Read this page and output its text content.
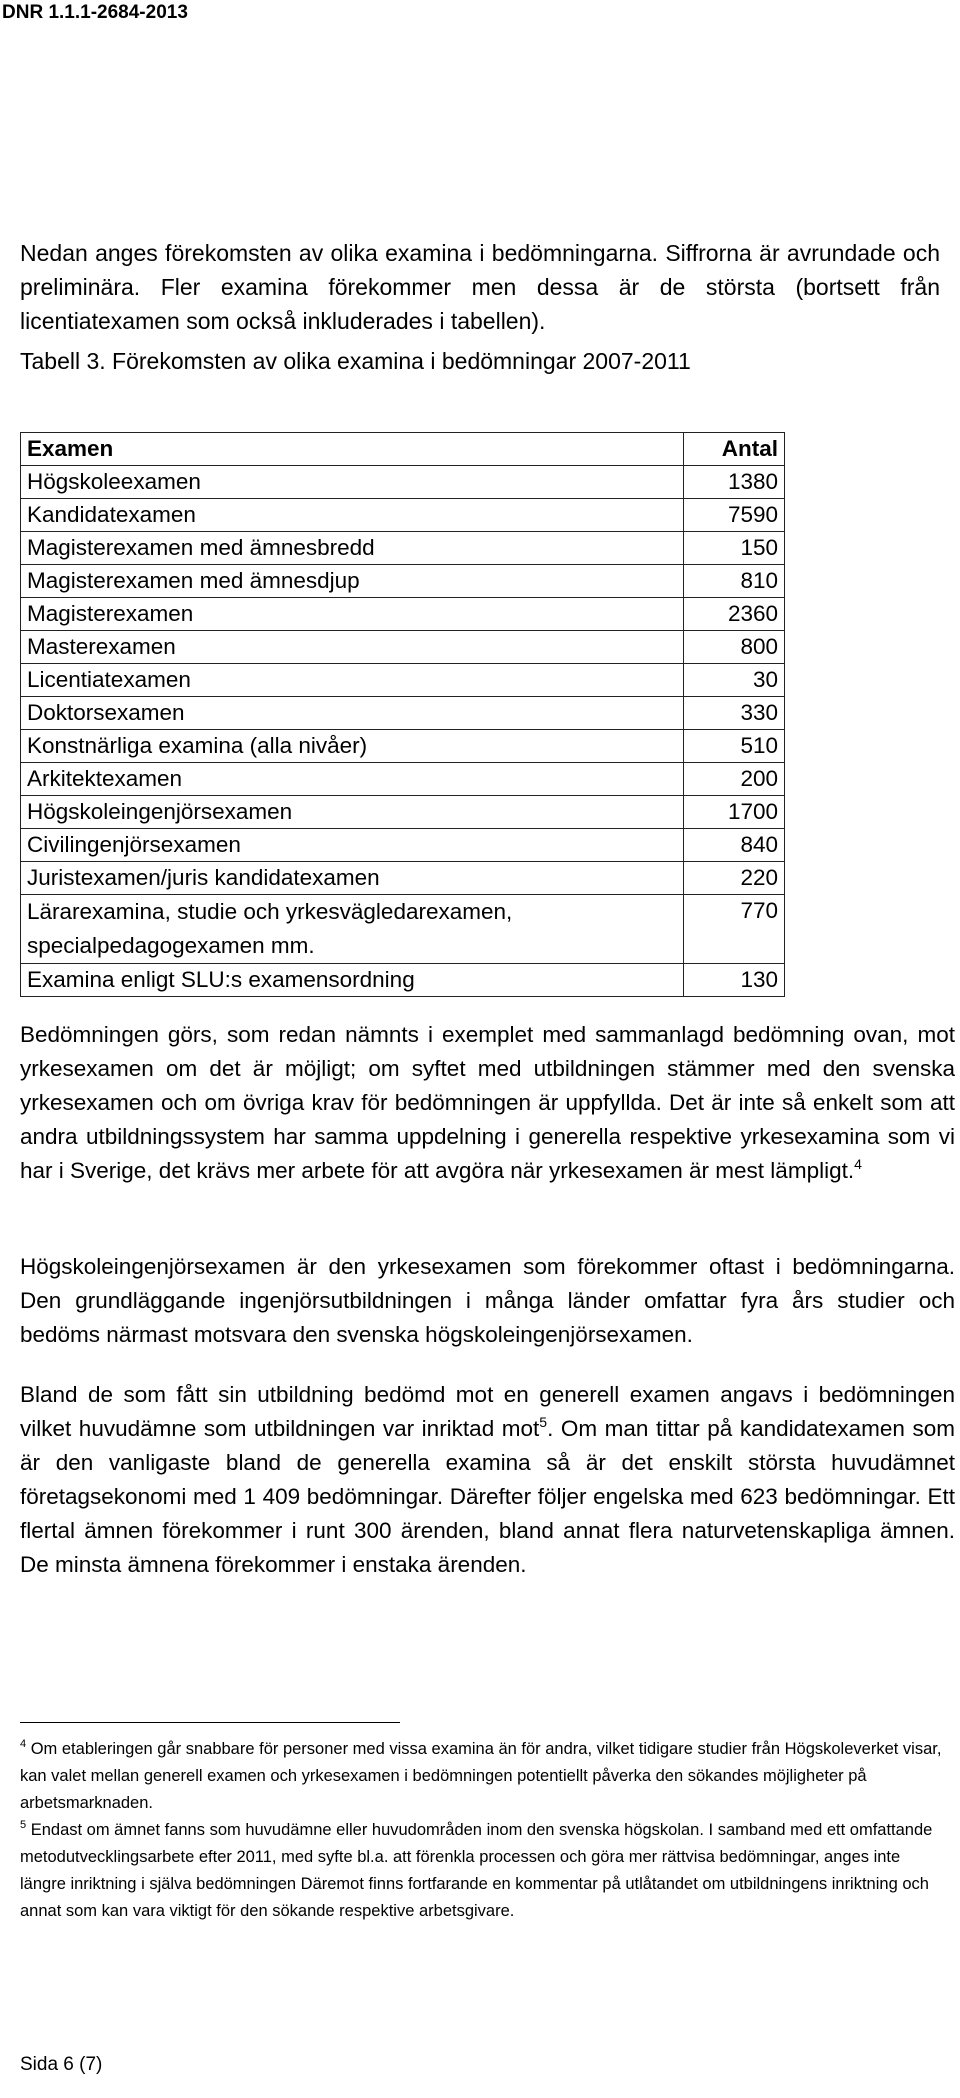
DNR 1.1.1-2684-2013

Nedan anges förekomsten av olika examina i bedömningarna. Siffrorna är avrundade och preliminära. Fler examina förekommer men dessa är de största (bortsett från licentiatexamen som också inkluderades i tabellen).

Tabell 3. Förekomsten av olika examina i bedömningar 2007-2011
Examen	Antal
Högskoleexamen	1380
Kandidatexamen	7590
Magisterexamen med ämnesbredd	150
Magisterexamen med ämnesdjup	810
Magisterexamen	2360
Masterexamen	800
Licentiatexamen	30
Doktorsexamen	330
Konstnärliga examina (alla nivåer)	510
Arkitektexamen	200
Högskoleingenjörsexamen	1700
Civilingenjörsexamen	840
Juristexamen/juris kandidatexamen	220
Lärarexamina, studie och yrkesvägledarexamen, specialpedagogexamen mm.	770
Examina enligt SLU:s examensordning	130

Bedömningen görs, som redan nämnts i exemplet med sammanlagd bedömning ovan, mot yrkesexamen om det är möjligt; om syftet med utbildningen stämmer med den svenska yrkesexamen och om övriga krav för bedömningen är uppfyllda. Det är inte så enkelt som att andra utbildningssystem har samma uppdelning i generella respektive yrkesexamina som vi har i Sverige, det krävs mer arbete för att avgöra när yrkesexamen är mest lämpligt.$^4$

Högskoleingenjörsexamen är den yrkesexamen som förekommer oftast i bedömningarna. Den grundläggande ingenjörsutbildningen i många länder omfattar fyra års studier och bedöms närmast motsvara den svenska högskoleingenjörsexamen.

Bland de som fått sin utbildning bedömd mot en generell examen angavs i bedömningen vilket huvudämne som utbildningen var inriktad mot$^5$. Om man tittar på kandidatexamen som är den vanligaste bland de generella examina så är det enskilt största huvudämnet företagsekonomi med 1 409 bedömningar. Därefter följer engelska med 623 bedömningar. Ett flertal ämnen förekommer i runt 300 ärenden, bland annat flera naturvetenskapliga ämnen. De minsta ämnena förekommer i enstaka ärenden.

$^4$ Om etableringen går snabbare för personer med vissa examina än för andra, vilket tidigare studier från Högskoleverket visar, kan valet mellan generell examen och yrkesexamen i bedömningen potentiellt påverka den sökandes möjligheter på arbetsmarknaden.

$^5$ Endast om ämnet fanns som huvudämne eller huvudområden inom den svenska högskolan. I samband med ett omfattande metodutvecklingsarbete efter 2011, med syfte bl.a. att förenkla processen och göra mer rättvisa bedömningar, anges inte längre inriktning i själva bedömningen Däremot finns fortfarande en kommentar på utlåtandet om utbildningens inriktning och annat som kan vara viktigt för den sökande respektive arbetsgivare.

Sida 6 (7)
